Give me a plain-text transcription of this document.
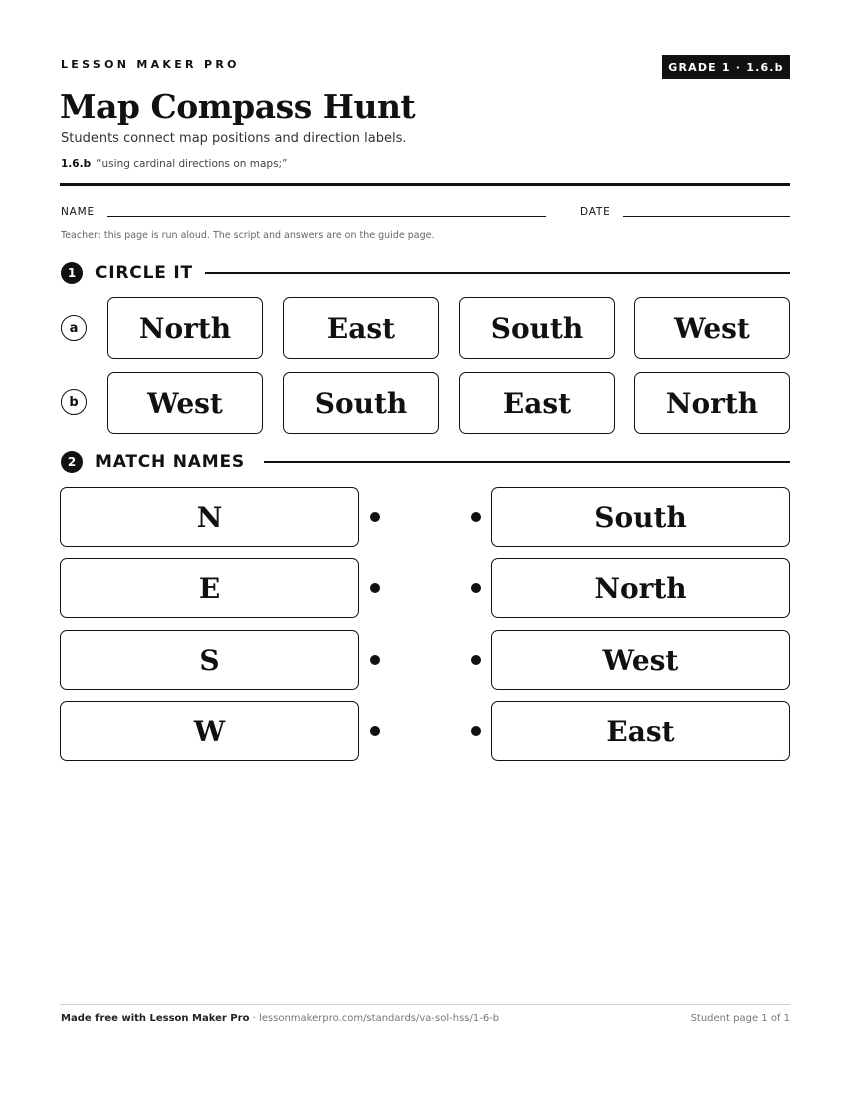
LESSON MAKER PRO	GRADE 1 · 1.6.b
Map Compass Hunt
Students connect map positions and direction labels.
1.6.b “using cardinal directions on maps;”
NAME	DATE
Teacher: this page is run aloud. The script and answers are on the guide page.
1	CIRCLE IT
a	North	East	South	West
b	West	South	East	North
2	MATCH NAMES
N	South
E	North
S	West
W	East
Made free with Lesson Maker Pro · lessonmakerpro.com/standards/va-sol-hss/1-6-b	Student page 1 of 1
